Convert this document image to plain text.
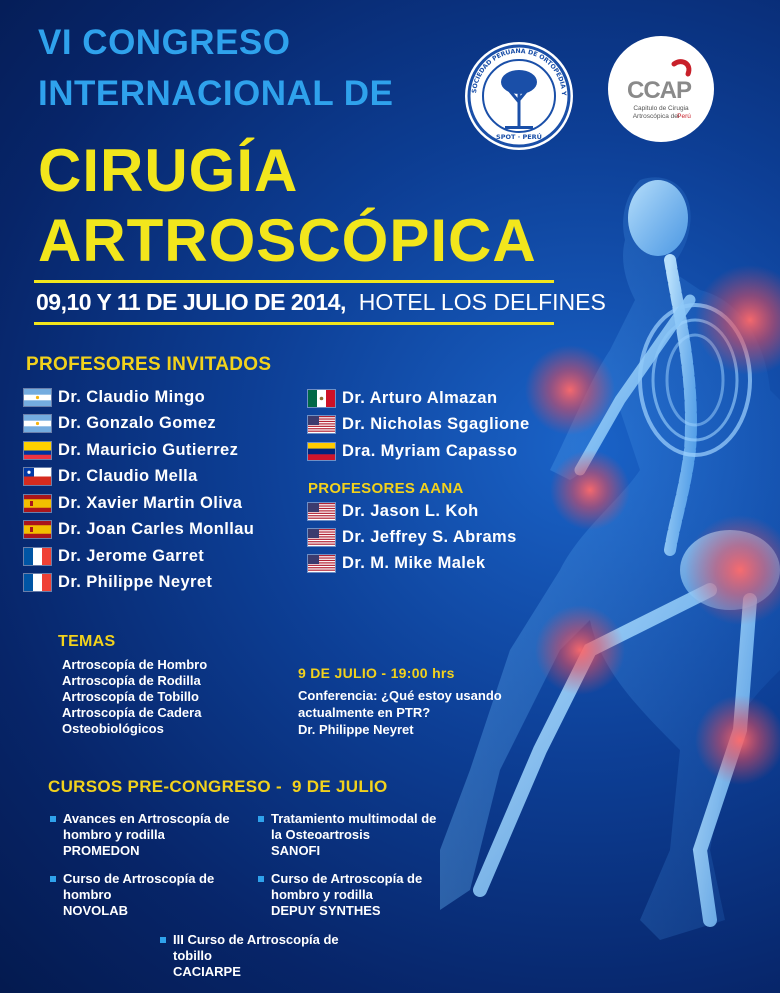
VI CONGRESO
INTERNACIONAL DE
CIRUGÍA
ARTROSCÓPICA
09,10 Y 11 DE JULIO DE 2014, HOTEL LOS DELFINES
SOCIEDAD PERUANA DE ORTOPEDIA Y
SPOT · PERÚ
CCAP
Capitulo de Cirugia
Artroscópica del
Perú
PROFESORES INVITADOS
Dr. Claudio Mingo
Dr. Gonzalo Gomez
Dr. Mauricio Gutierrez
Dr. Claudio Mella
Dr. Xavier Martin Oliva
Dr. Joan Carles Monllau
Dr. Jerome Garret
Dr. Philippe Neyret
Dr. Arturo Almazan
Dr. Nicholas Sgaglione
Dra. Myriam Capasso
PROFESORES AANA
Dr. Jason L. Koh
Dr. Jeffrey S. Abrams
Dr. M. Mike Malek
TEMAS
Artroscopía de Hombro
Artroscopía de Rodilla
Artroscopía de Tobillo
Artroscopía de Cadera
Osteobiológicos
9 DE JULIO - 19:00 hrs
Conferencia: ¿Qué estoy usando
actualmente en PTR?
Dr. Philippe Neyret
CURSOS PRE-CONGRESO - 9 DE JULIO
Avances en Artroscopía de
hombro y rodilla
PROMEDON
Tratamiento multimodal de
la Osteoartrosis
SANOFI
Curso de Artroscopía de
hombro
NOVOLAB
Curso de Artroscopía de
hombro y rodilla
DEPUY SYNTHES
III Curso de Artroscopía de
tobillo
CACIARPE
